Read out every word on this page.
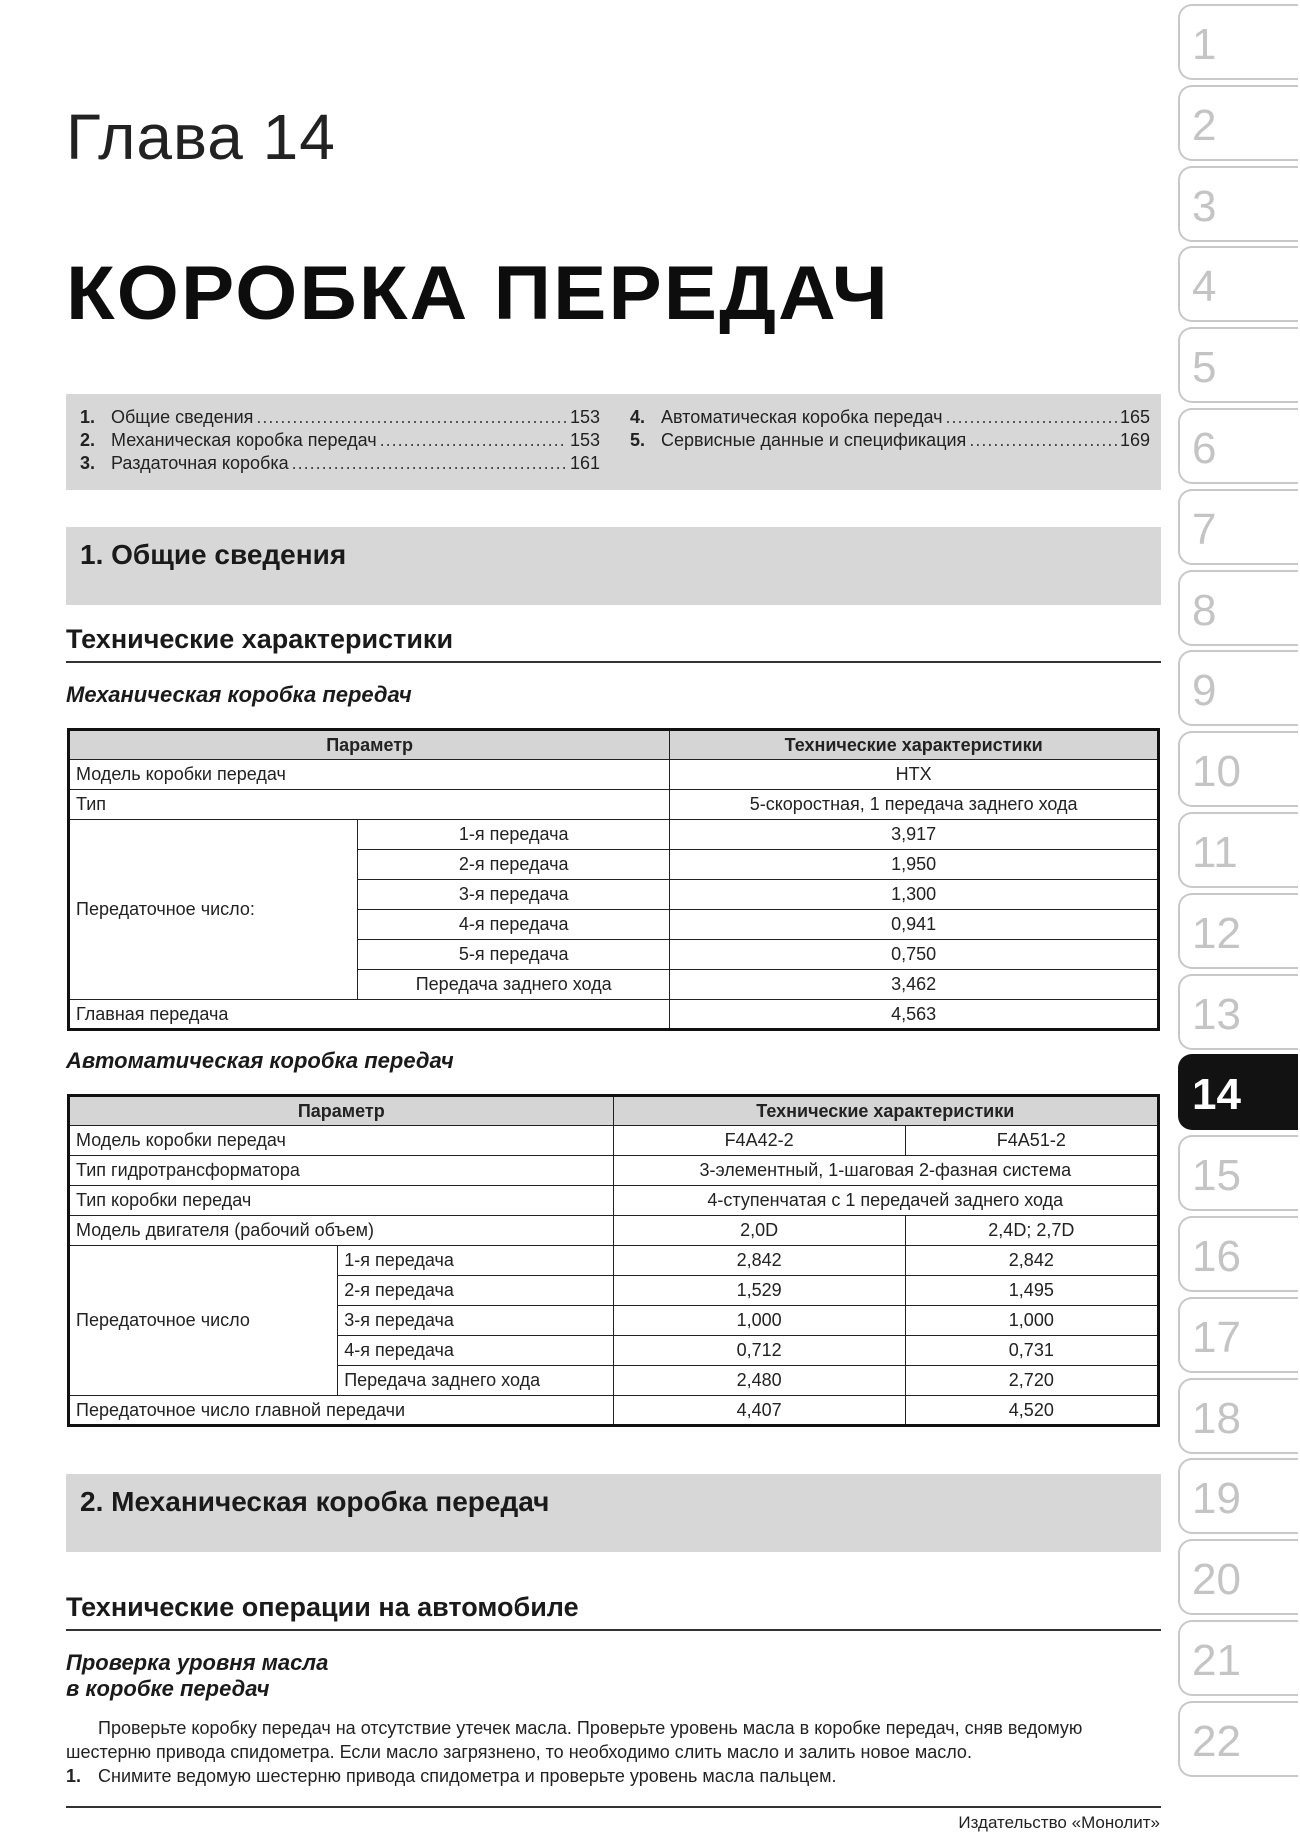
Глава 14
КОРОБКА ПЕРЕДАЧ
1. Общие сведения .....	153
2. Механическая коробка передач .....	153
3. Раздаточная коробка .....	161
4. Автоматическая коробка передач .....	165
5. Сервисные данные и спецификация .....	169
1. Общие сведения
Технические характеристики
Механическая коробка передач
Параметр		Технические характеристики
Модель коробки передач		HTX
Тип		5-скоростная, 1 передача заднего хода
Передаточное число:	1-я передача	3,917
	2-я передача	1,950
	3-я передача	1,300
	4-я передача	0,941
	5-я передача	0,750
	Передача заднего хода	3,462
Главная передача		4,563
Автоматическая коробка передач
Параметр		Технические характеристики	
Модель коробки передач		F4A42-2	F4A51-2
Тип гидротрансформатора		3-элементный, 1-шаговая 2-фазная система	
Тип коробки передач		4-ступенчатая с 1 передачей заднего хода	
Модель двигателя (рабочий объем)		2,0D	2,4D; 2,7D
Передаточное число	1-я передача	2,842	2,842
	2-я передача	1,529	1,495
	3-я передача	1,000	1,000
	4-я передача	0,712	0,731
	Передача заднего хода	2,480	2,720
Передаточное число главной передачи		4,407	4,520
2. Механическая коробка передач
Технические операции на автомобиле
Проверка уровня масла
в коробке передач

Проверьте коробку передач на отсутствие утечек масла. Проверьте уровень масла в коробке передач, сняв ведомую шестерню привода спидометра. Если масло загрязнено, то необходимо слить масло и залить новое масло.

1. Снимите ведомую шестерню привода спидометра и проверьте уровень масла пальцем.
Издательство «Монолит»
1
2
3
4
5
6
7
8
9
10
11
12
13
14
15
16
17
18
19
20
21
22
